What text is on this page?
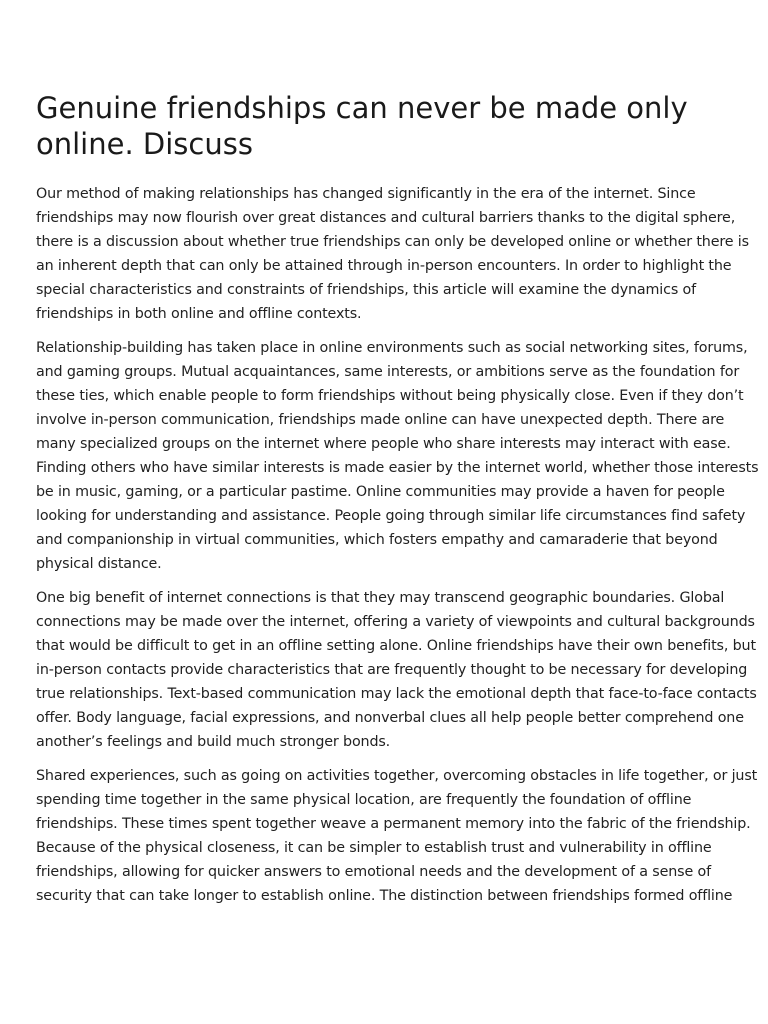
Genuine friendships can never be made only online. Discuss

Our method of making relationships has changed significantly in the era of the internet. Since friendships may now flourish over great distances and cultural barriers thanks to the digital sphere, there is a discussion about whether true friendships can only be developed online or whether there is an inherent depth that can only be attained through in-person encounters. In order to highlight the special characteristics and constraints of friendships, this article will examine the dynamics of friendships in both online and offline contexts.

Relationship-building has taken place in online environments such as social networking sites, forums, and gaming groups. Mutual acquaintances, same interests, or ambitions serve as the foundation for these ties, which enable people to form friendships without being physically close. Even if they don’t involve in-person communication, friendships made online can have unexpected depth. There are many specialized groups on the internet where people who share interests may interact with ease. Finding others who have similar interests is made easier by the internet world, whether those interests be in music, gaming, or a particular pastime. Online communities may provide a haven for people looking for understanding and assistance. People going through similar life circumstances find safety and companionship in virtual communities, which fosters empathy and camaraderie that beyond physical distance.

One big benefit of internet connections is that they may transcend geographic boundaries. Global connections may be made over the internet, offering a variety of viewpoints and cultural backgrounds that would be difficult to get in an offline setting alone. Online friendships have their own benefits, but in-person contacts provide characteristics that are frequently thought to be necessary for developing true relationships. Text-based communication may lack the emotional depth that face-to-face contacts offer. Body language, facial expressions, and nonverbal clues all help people better comprehend one another’s feelings and build much stronger bonds.

Shared experiences, such as going on activities together, overcoming obstacles in life together, or just spending time together in the same physical location, are frequently the foundation of offline friendships. These times spent together weave a permanent memory into the fabric of the friendship. Because of the physical closeness, it can be simpler to establish trust and vulnerability in offline friendships, allowing for quicker answers to emotional needs and the development of a sense of security that can take longer to establish online. The distinction between friendships formed offline
